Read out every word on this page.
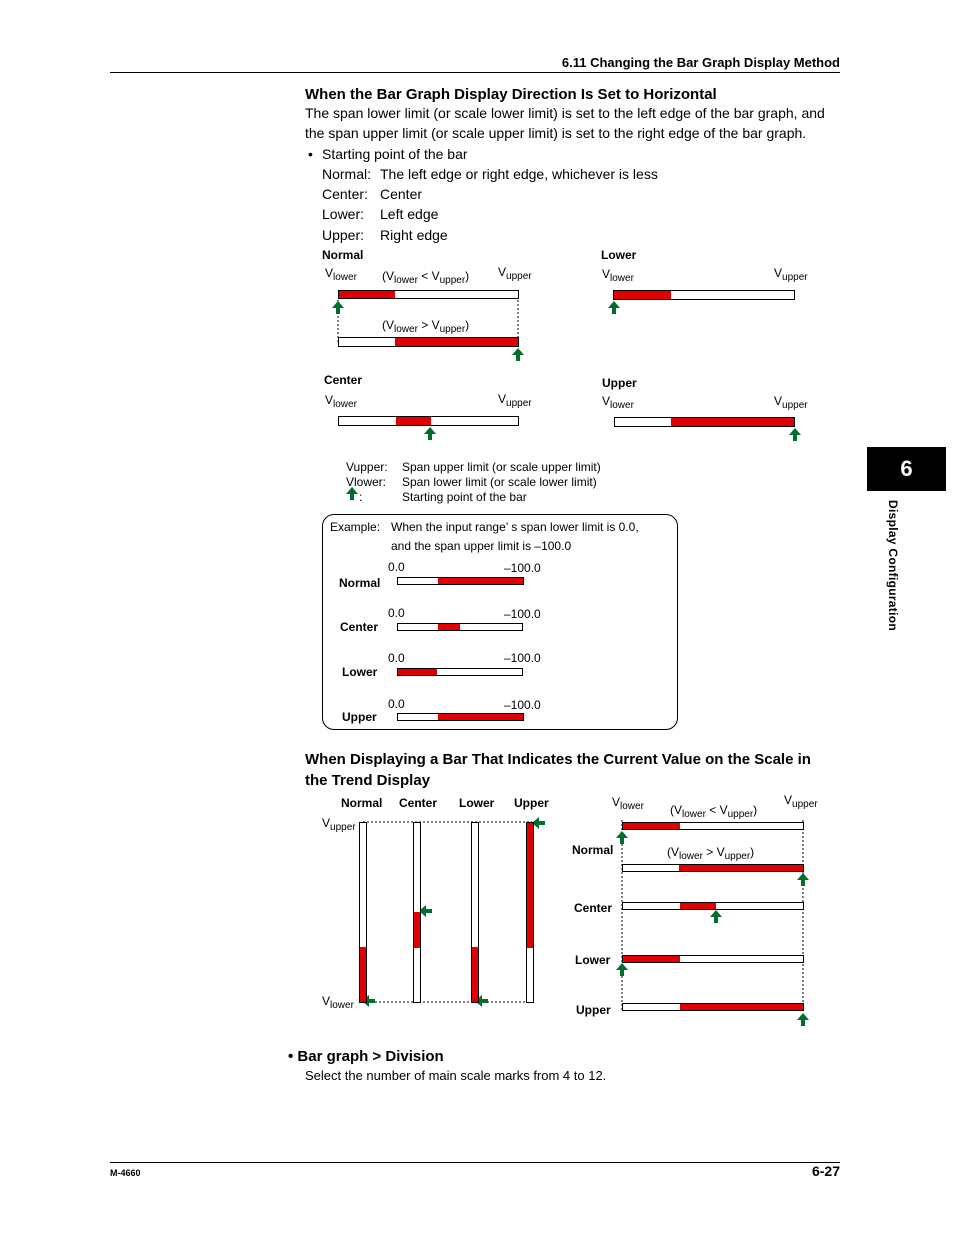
6.11 Changing the Bar Graph Display Method
When the Bar Graph Display Direction Is Set to Horizontal
The span lower limit (or scale lower limit) is set to the left edge of the bar graph, and
the span upper limit (or scale upper limit) is set to the right edge of the bar graph.
• Starting point of the bar
Normal: The left edge or right edge, whichever is less
Center: Center
Lower: Left edge
Upper: Right edge
Normal
$V_{lower}$ $(V_{lower} < V_{upper})$ $V_{upper}$
$(V_{lower} > V_{upper})$
Lower
$V_{lower}$	$V_{upper}$
Center
$V_{lower}$	$V_{upper}$
Upper
$V_{lower}$	$V_{upper}$
Vupper: Span upper limit (or scale upper limit)
Vlower: Span lower limit (or scale lower limit)
:	Starting point of the bar
Example: When the input range’ s span lower limit is 0.0,
and the span upper limit is –100.0
0.0	–100.0
Normal
0.0	–100.0
Center
0.0	–100.0
Lower
0.0	–100.0
Upper
When Displaying a Bar That Indicates the Current Value on the Scale in
the Trend Display
Normal Center Lower Upper
$V_{upper}$
$V_{lower}$
$V_{lower}$ $(V_{lower} < V_{upper})$
$V_{upper}$
Normal	$(V_{lower} > V_{upper})$
Center
Lower
Upper
• Bar graph > Division
Select the number of main scale marks from 4 to 12.
6
Display Configuration
M-4660	6-27
